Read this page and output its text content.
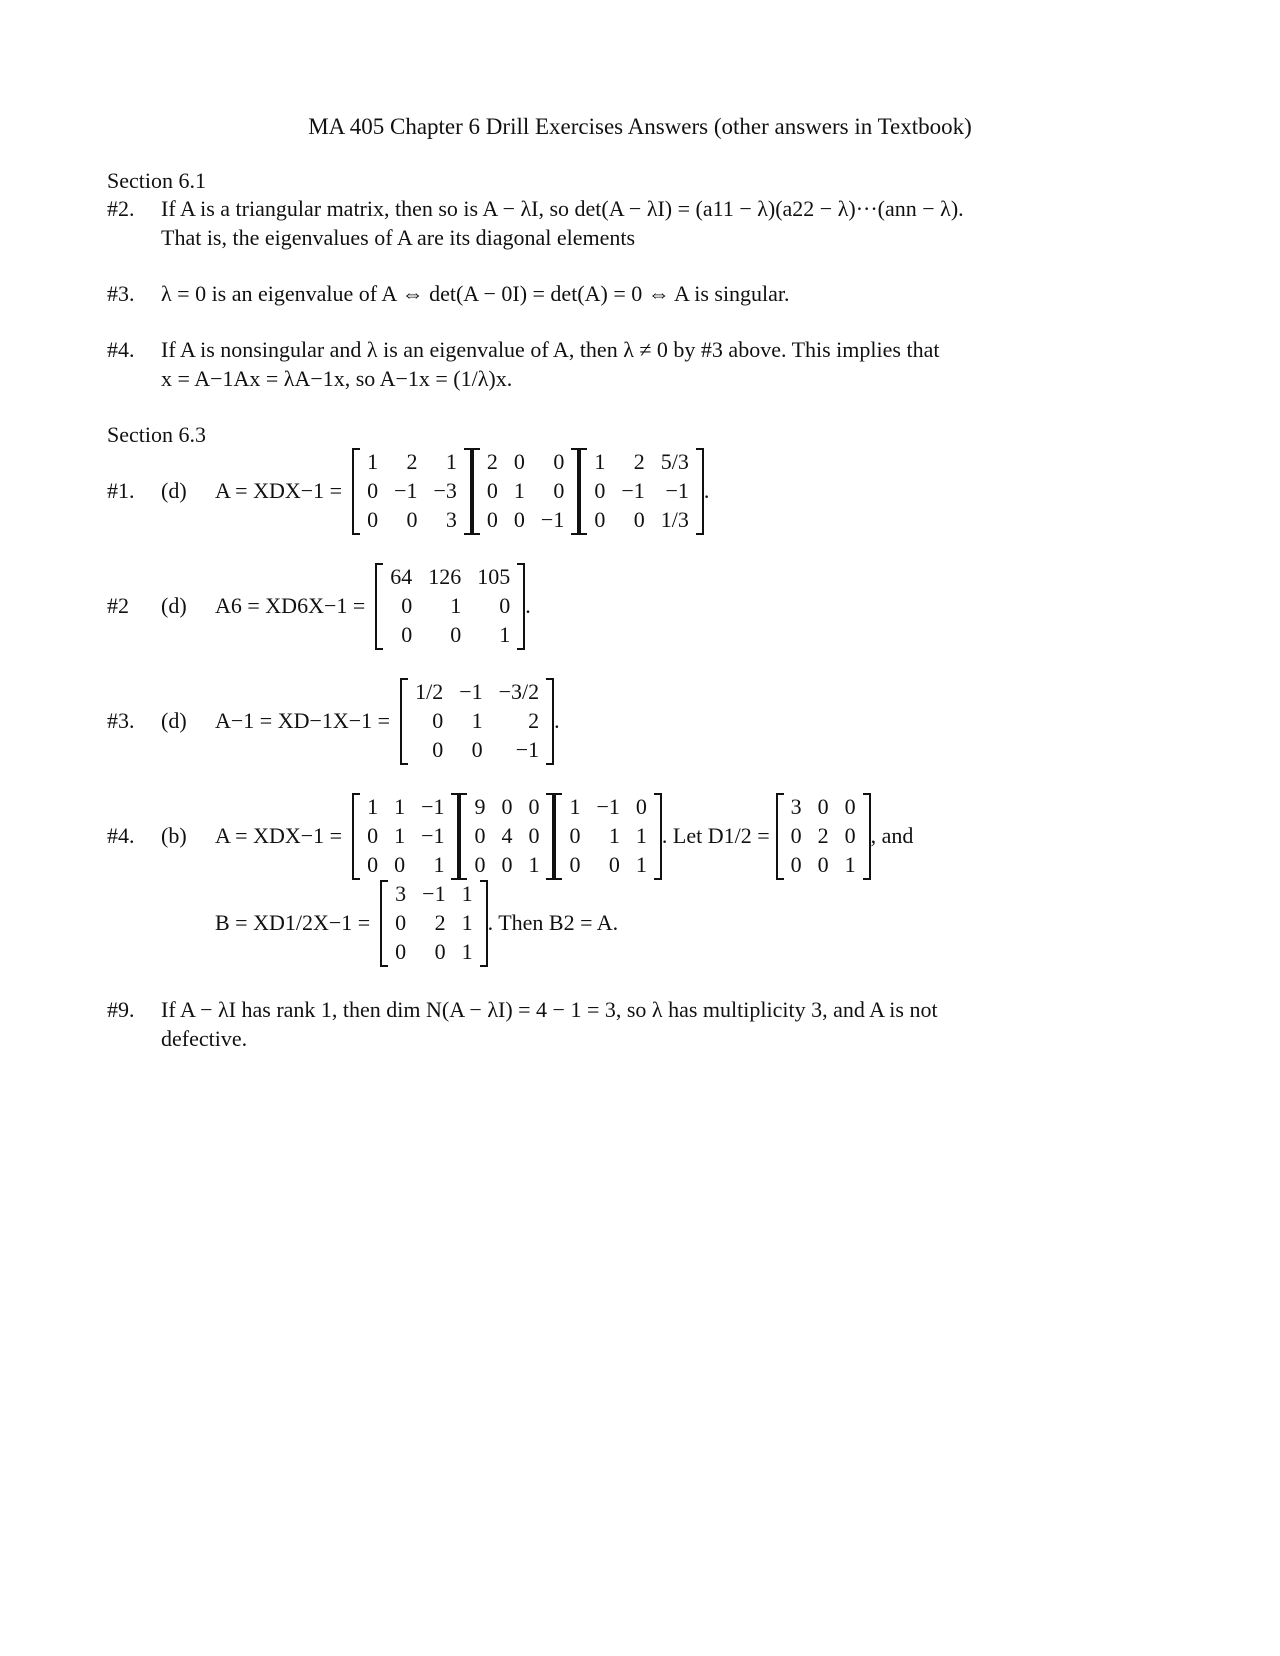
MA 405 Chapter 6 Drill Exercises Answers (other answers in Textbook)
Section 6.1
#2. If A is a triangular matrix, then so is A − λI, so det(A − λI) = (a11 − λ)(a22 − λ)···(ann − λ).
That is, the eigenvalues of A are its diagonal elements
#3. λ = 0 is an eigenvalue of A ⇔ det(A − 0I) = det(A) = 0 ⇔ A is singular.
#4. If A is nonsingular and λ is an eigenvalue of A, then λ ≠ 0 by #3 above. This implies that
x = A−1Ax = λA−1x, so A−1x = (1/λ)x.
Section 6.3
#1.	(d)	A = XDX−1 =
1	2	1
0	−1	−3
0	0	3
2	0	0
0	1	0
0	0	−1
1	2	5/3
0	−1	−1
0	0	1/3
.
#2	(d)	A6 = XD6X−1 =
64	126	105
0	1	0
0	0	1
.
#3.	(d)	A−1 = XD−1X−1 =
1/2	−1	−3/2
0	1	2
0	0	−1
.
#4.	(b)	A = XDX−1 =
1	1	−1
0	1	−1
0	0	1
9	0	0
0	4	0
0	0	1
1	−1	0
0	1	1
0	0	1
. Let D1/2 =
3	0	0
0	2	0
0	0	1
, and
B = XD1/2X−1 =
3	−1	1
0	2	1
0	0	1
. Then B2 = A.
#9. If A − λI has rank 1, then dim N(A − λI) = 4 − 1 = 3, so λ has multiplicity 3, and A is not
defective.
